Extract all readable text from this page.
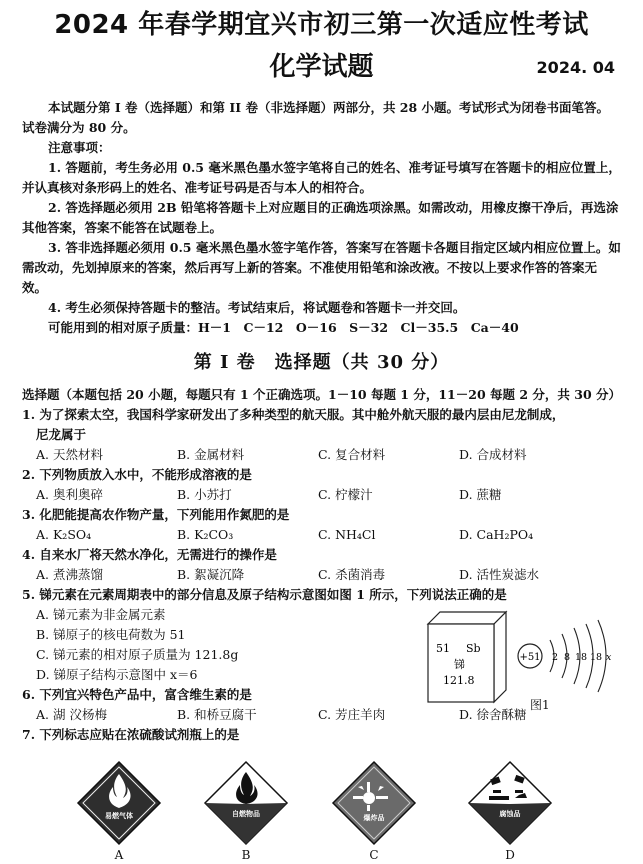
2024 年春学期宜兴市初三第一次适应性考试
化学试题	2024. 04

本试题分第 I 卷（选择题）和第 II 卷（非选择题）两部分，共 28 小题。考试形式为闭卷书面笔答。试卷满分为 80 分。

注意事项：

1. 答题前，考生务必用 0.5 毫米黑色墨水签字笔将自己的姓名、准考证号填写在答题卡的相应位置上，并认真核对条形码上的姓名、准考证号码是否与本人的相符合。

2. 答选择题必须用 2B 铅笔将答题卡上对应题目的正确选项涂黑。如需改动，用橡皮擦干净后，再选涂其他答案，答案不能答在试题卷上。

3. 答非选择题必须用 0.5 毫米黑色墨水签字笔作答，答案写在答题卡各题目指定区域内相应位置上。如需改动，先划掉原来的答案，然后再写上新的答案。不准使用铅笔和涂改液。不按以上要求作答的答案无效。

4. 考生必须保持答题卡的整洁。考试结束后，将试题卷和答题卡一并交回。

可能用到的相对原子质量：H－1　C－12　O－16　S－32　Cl－35.5　Ca－40

第 I 卷　选择题（共 30 分）
选择题（本题包括 20 小题，每题只有 1 个正确选项。1－10 每题 1 分，11－20 每题 2 分，共 30 分）
1. 为了探索太空，我国科学家研发出了多种类型的航天服。其中舱外航天服的最内层由尼龙制成，
尼龙属于
A. 天然材料	B. 金属材料	C. 复合材料	D. 合成材料
2. 下列物质放入水中，不能形成溶液的是
A. 奥利奥碎	B. 小苏打	C. 柠檬汁	D. 蔗糖
3. 化肥能提高农作物产量，下列能用作氮肥的是
A. K₂SO₄	B. K₂CO₃	C. NH₄Cl	D. CaH₂PO₄
4. 自来水厂将天然水净化，无需进行的操作是
A. 煮沸蒸馏	B. 絮凝沉降	C. 杀菌消毒	D. 活性炭滤水
5. 锑元素在元素周期表中的部分信息及原子结构示意图如图 1 所示，下列说法正确的是
A. 锑元素为非金属元素
B. 锑原子的核电荷数为 51
C. 锑元素的相对原子质量为 121.8g
D. 锑原子结构示意图中 x＝6
6. 下列宜兴特色产品中，富含维生素的是
A. 湖 㳇杨梅	B. 和桥豆腐干	C. 芳庄羊肉	D. 徐舍酥糖
7. 下列标志应贴在浓硫酸试剂瓶上的是
51 Sb
锑
121.8
+51 2 8 18 18 x
图1
易燃气体
A
自燃物品
B
爆炸品
C
腐蚀品
D
